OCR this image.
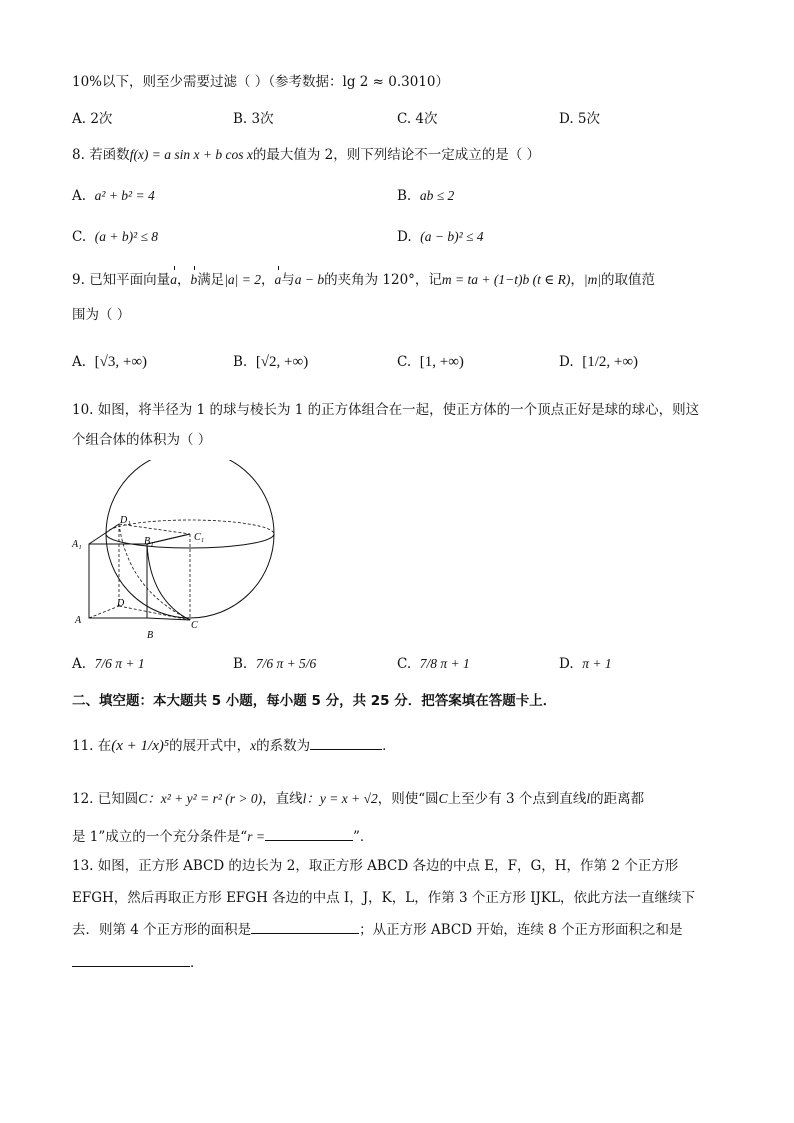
10%以下，则至少需要过滤（ ）（参考数据：lg 2 ≈ 0.3010）
A. 2次	B. 3次	C. 4次	D. 5次
8. 若函数f(x) = a sin x + b cos x的最大值为 2，则下列结论不一定成立的是（ ）
A. a² + b² = 4	B. ab ≤ 2
C. (a + b)² ≤ 8	D. (a − b)² ≤ 4
9. 已知平面向量a，b满足|a| = 2，a与a − b的夹角为 120°，记m = ta + (1−t)b (t ∈ R)，|m|的取值范
围为（ ）
A. [√3, +∞)	B. [√2, +∞)	C. [1, +∞)	D. [1/2, +∞)
10. 如图，将半径为 1 的球与棱长为 1 的正方体组合在一起，使正方体的一个顶点正好是球的球心，则这
个组合体的体积为（ ）
D₁
B₁	C₁
A₁
D
A
B
C
A. 7/6 π + 1	B. 7/6 π + 5/6	C. 7/8 π + 1	D. π + 1
二、填空题：本大题共 5 小题，每小题 5 分，共 25 分．把答案填在答题卡上．
11. 在(x + 1/x)⁵的展开式中，x的系数为	．
12. 已知圆C：x² + y² = r² (r > 0)，直线l：y = x + √2，则使“圆C上至少有 3 个点到直线l的距离都
是 1”成立的一个充分条件是“r =	”．
13. 如图，正方形 ABCD 的边长为 2，取正方形 ABCD 各边的中点 E，F，G，H，作第 2 个正方形
EFGH，然后再取正方形 EFGH 各边的中点 I，J，K，L，作第 3 个正方形 IJKL，依此方法一直继续下
去．则第 4 个正方形的面积是	；从正方形 ABCD 开始，连续 8 个正方形面积之和是
．
